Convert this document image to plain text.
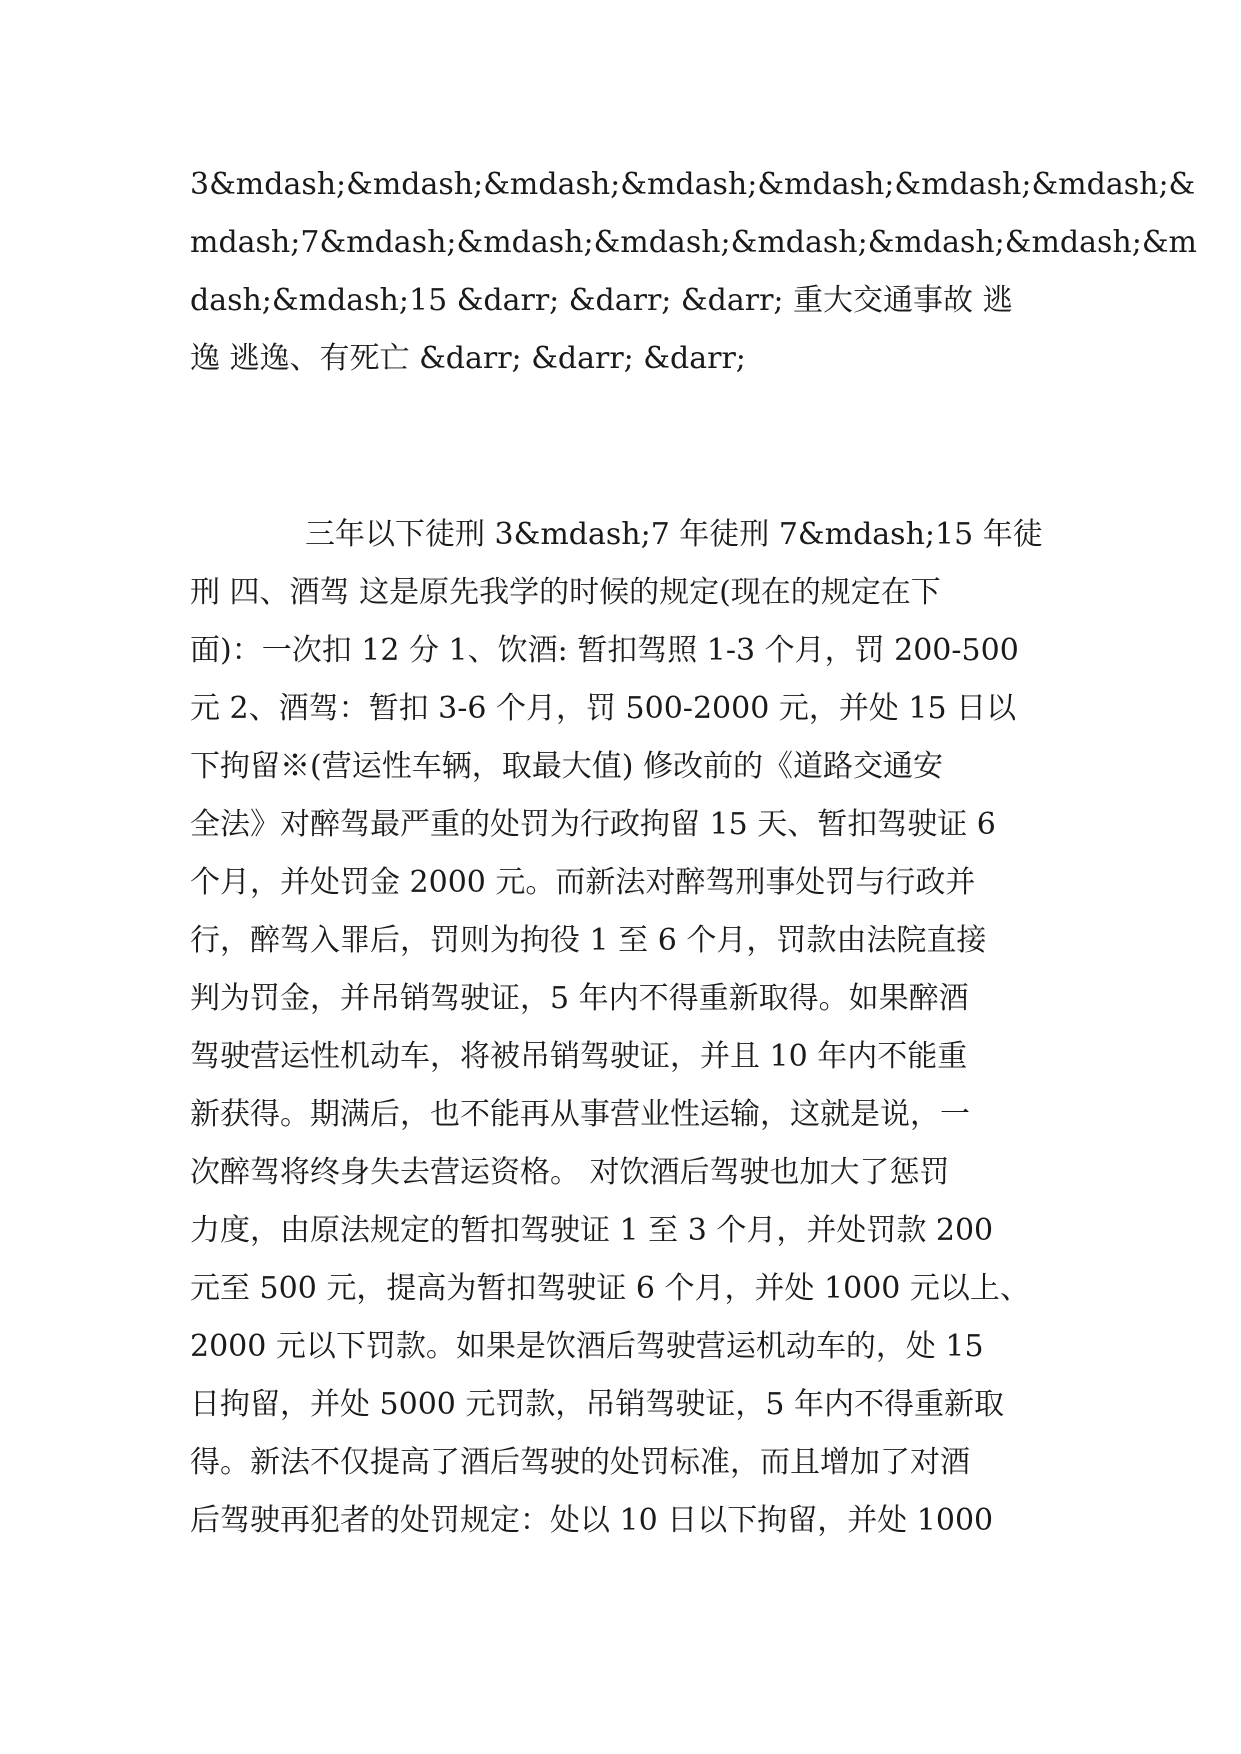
3&mdash;&mdash;&mdash;&mdash;&mdash;&mdash;&mdash;&
mdash;7&mdash;&mdash;&mdash;&mdash;&mdash;&mdash;&m
dash;&mdash;15 &darr; &darr; &darr; 重大交通事故 逃
逸 逃逸、有死亡 &darr; &darr; &darr;
三年以下徒刑 3&mdash;7 年徒刑 7&mdash;15 年徒
刑 四、酒驾 这是原先我学的时候的规定(现在的规定在下
面)：一次扣 12 分 1、饮酒: 暂扣驾照 1-3 个月，罚 200-500
元 2、酒驾：暂扣 3-6 个月，罚 500-2000 元，并处 15 日以
下拘留※(营运性车辆，取最大值) 修改前的《道路交通安
全法》对醉驾最严重的处罚为行政拘留 15 天、暂扣驾驶证 6
个月，并处罚金 2000 元。而新法对醉驾刑事处罚与行政并
行，醉驾入罪后，罚则为拘役 1 至 6 个月，罚款由法院直接
判为罚金，并吊销驾驶证，5 年内不得重新取得。如果醉酒
驾驶营运性机动车，将被吊销驾驶证，并且 10 年内不能重
新获得。期满后，也不能再从事营业性运输，这就是说，一
次醉驾将终身失去营运资格。 对饮酒后驾驶也加大了惩罚
力度，由原法规定的暂扣驾驶证 1 至 3 个月，并处罚款 200
元至 500 元，提高为暂扣驾驶证 6 个月，并处 1000 元以上、
2000 元以下罚款。如果是饮酒后驾驶营运机动车的，处 15
日拘留，并处 5000 元罚款，吊销驾驶证，5 年内不得重新取
得。新法不仅提高了酒后驾驶的处罚标准，而且增加了对酒
后驾驶再犯者的处罚规定：处以 10 日以下拘留，并处 1000
